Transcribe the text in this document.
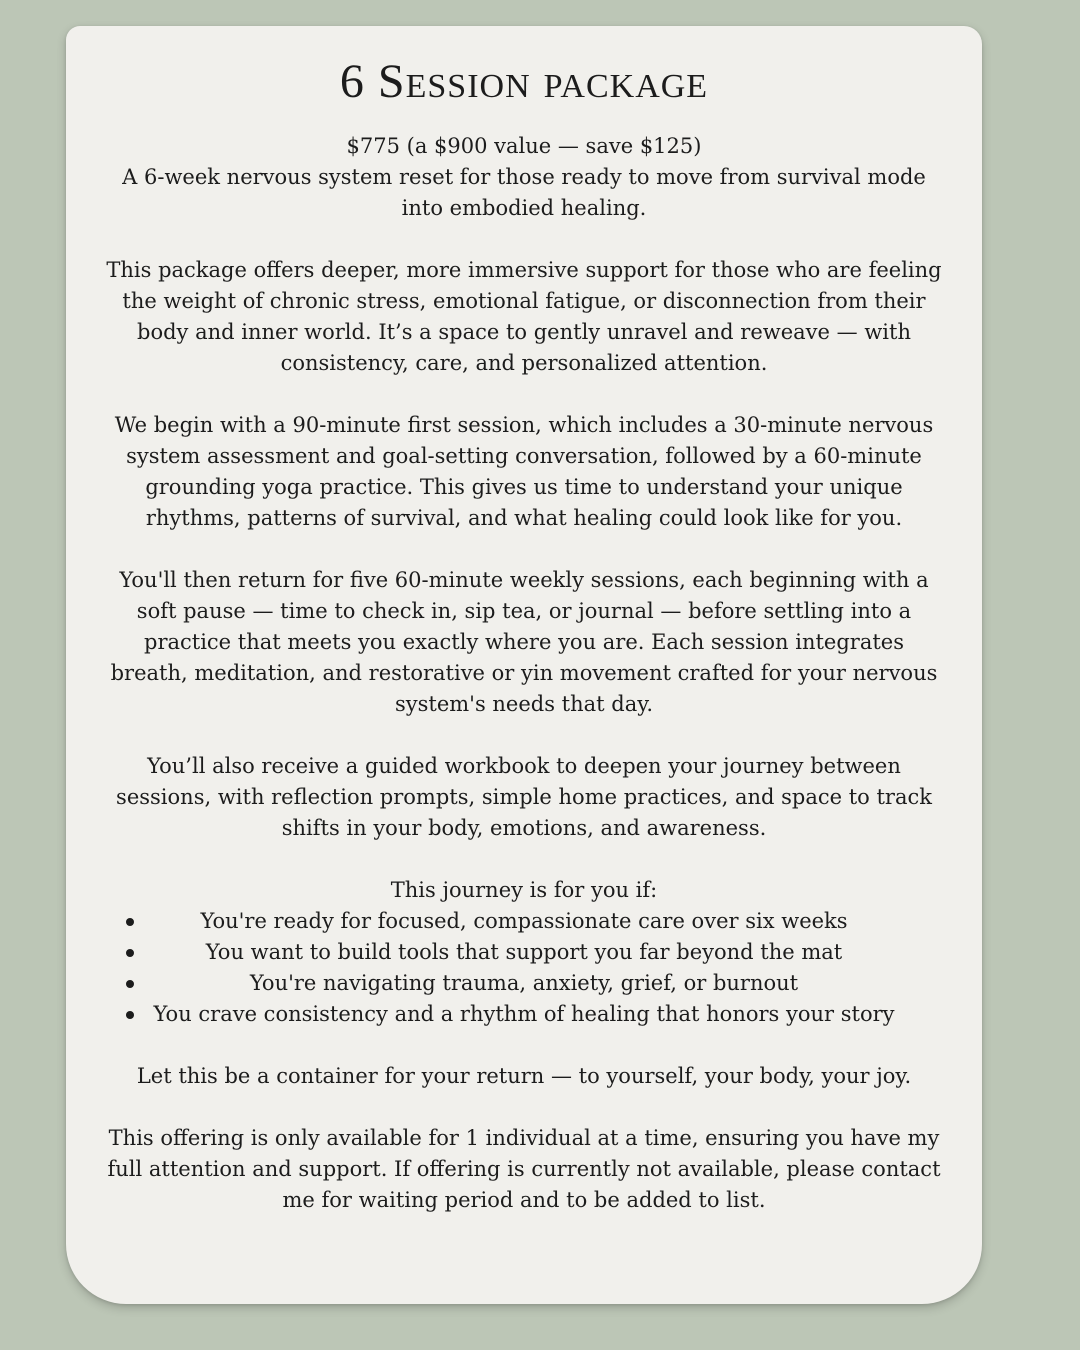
6 Session package
$775 (a $900 value — save $125)
A 6-week nervous system reset for those ready to move from survival mode into embodied healing.

This package offers deeper, more immersive support for those who are feeling the weight of chronic stress, emotional fatigue, or disconnection from their body and inner world. It’s a space to gently unravel and reweave — with consistency, care, and personalized attention.

We begin with a 90-minute first session, which includes a 30-minute nervous system assessment and goal-setting conversation, followed by a 60-minute grounding yoga practice. This gives us time to understand your unique rhythms, patterns of survival, and what healing could look like for you.

You'll then return for five 60-minute weekly sessions, each beginning with a soft pause — time to check in, sip tea, or journal — before settling into a practice that meets you exactly where you are. Each session integrates breath, meditation, and restorative or yin movement crafted for your nervous system's needs that day.

You’ll also receive a guided workbook to deepen your journey between sessions, with reflection prompts, simple home practices, and space to track shifts in your body, emotions, and awareness.

This journey is for you if:
You're ready for focused, compassionate care over six weeks
You want to build tools that support you far beyond the mat
You're navigating trauma, anxiety, grief, or burnout
You crave consistency and a rhythm of healing that honors your story

Let this be a container for your return — to yourself, your body, your joy.

This offering is only available for 1 individual at a time, ensuring you have my full attention and support. If offering is currently not available, please contact me for waiting period and to be added to list.
